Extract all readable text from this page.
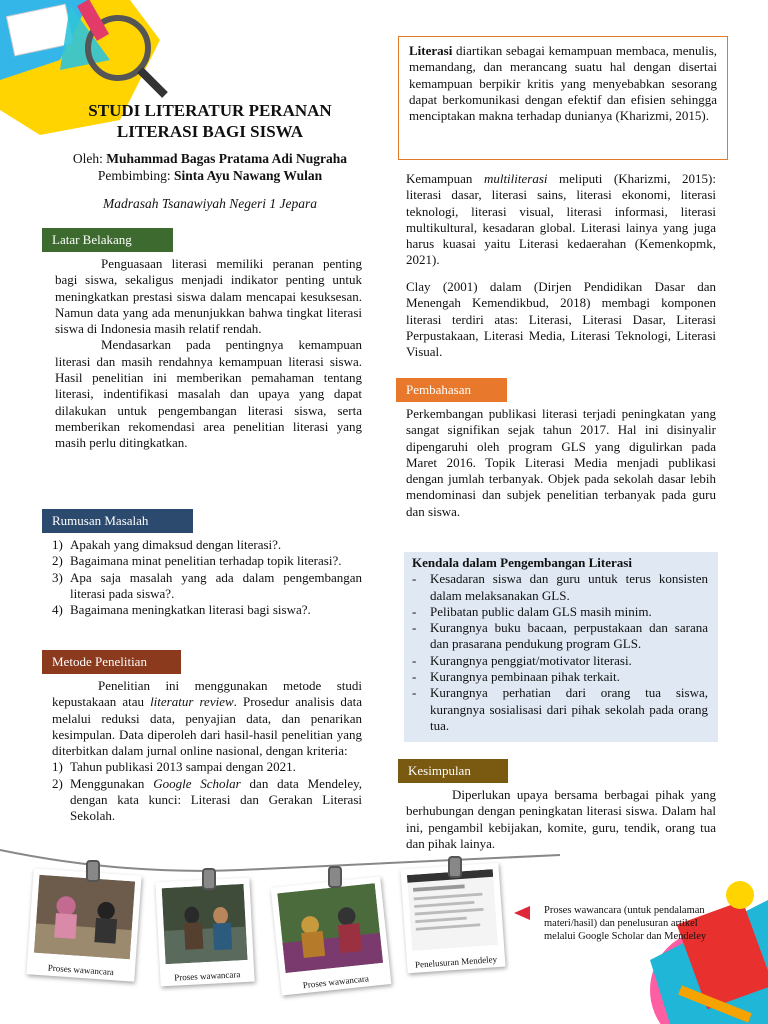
STUDI LITERATUR PERANAN
LITERASI BAGI SISWA
Oleh: Muhammad Bagas Pratama Adi Nugraha
Pembimbing: Sinta Ayu Nawang Wulan
Madrasah Tsanawiyah Negeri 1 Jepara
Latar Belakang

Penguasaan literasi memiliki peranan penting bagi siswa, sekaligus menjadi indikator penting untuk meningkatkan prestasi siswa dalam mencapai kesuksesan. Namun data yang ada menunjukkan bahwa tingkat literasi siswa di Indonesia masih relatif rendah.

Mendasarkan pada pentingnya kemampuan literasi dan masih rendahnya kemampuan literasi siswa. Hasil penelitian ini memberikan pemahaman tentang literasi, indentifikasi masalah dan upaya yang dapat dilakukan untuk pengembangan literasi siswa, serta memberikan rekomendasi area penelitian literasi yang masih perlu ditingkatkan.

Rumusan Masalah
1) Apakah yang dimaksud dengan literasi?.
2) Bagaimana minat penelitian terhadap topik literasi?.
3) Apa saja masalah yang ada dalam pengembangan literasi pada siswa?.
4) Bagaimana meningkatkan literasi bagi siswa?.
Metode Penelitian

Penelitian ini menggunakan metode studi kepustakaan atau literatur review. Prosedur analisis data melalui reduksi data, penyajian data, dan penarikan kesimpulan. Data diperoleh dari hasil-hasil penelitian yang diterbitkan dalam jurnal online nasional, dengan kriteria:

1) Tahun publikasi 2013 sampai dengan 2021.
2) Menggunakan Google Scholar dan data Mendeley, dengan kata kunci: Literasi dan Gerakan Literasi Sekolah.
Literasi diartikan sebagai kemampuan membaca, menulis, memandang, dan merancang suatu hal dengan disertai kemampuan berpikir kritis yang menyebabkan sesorang dapat berkomunikasi dengan efektif dan efisien sehingga menciptakan makna terhadap dunianya (Kharizmi, 2015).
Kemampuan multiliterasi meliputi (Kharizmi, 2015): literasi dasar, literasi sains, literasi ekonomi, literasi teknologi, literasi visual, literasi informasi, literasi multikultural, kesadaran global. Literasi lainya yang juga harus kuasai yaitu Literasi kedaerahan (Kemenkopmk, 2021).
Clay (2001) dalam (Dirjen Pendidikan Dasar dan Menengah Kemendikbud, 2018) membagi komponen literasi terdiri atas: Literasi, Literasi Dasar, Literasi Perpustakaan, Literasi Media, Literasi Teknologi, Literasi Visual.
Pembahasan

Perkembangan publikasi literasi terjadi peningkatan yang sangat signifikan sejak tahun 2017. Hal ini disinyalir dipengaruhi oleh program GLS yang digulirkan pada Maret 2016. Topik Literasi Media menjadi publikasi dengan jumlah terbanyak. Objek pada sekolah dasar lebih mendominasi dan subjek penelitian terbanyak pada guru dan siswa.

Kendala dalam Pengembangan Literasi
-	Kesadaran siswa dan guru untuk terus konsisten dalam melaksanakan GLS.
-	Pelibatan public dalam GLS masih minim.
-	Kurangnya buku bacaan, perpustakaan dan sarana dan prasarana pendukung program GLS.
-	Kurangnya penggiat/motivator literasi.
-	Kurangnya pembinaan pihak terkait.
-	Kurangnya perhatian dari orang tua siswa, kurangnya sosialisasi dari pihak sekolah pada orang tua.
Kesimpulan

Diperlukan upaya bersama berbagai pihak yang berhubungan dengan peningkatan literasi siswa. Dalam hal ini, pengambil kebijakan, komite, guru, tendik, orang tua dan pihak lainya.

Proses wawancara	Proses wawancara	Proses wawancara
Penelusuran Mendeley
Proses wawancara (untuk pendalaman materi/hasil) dan penelusuran artikel melalui Google Scholar dan Mendeley
